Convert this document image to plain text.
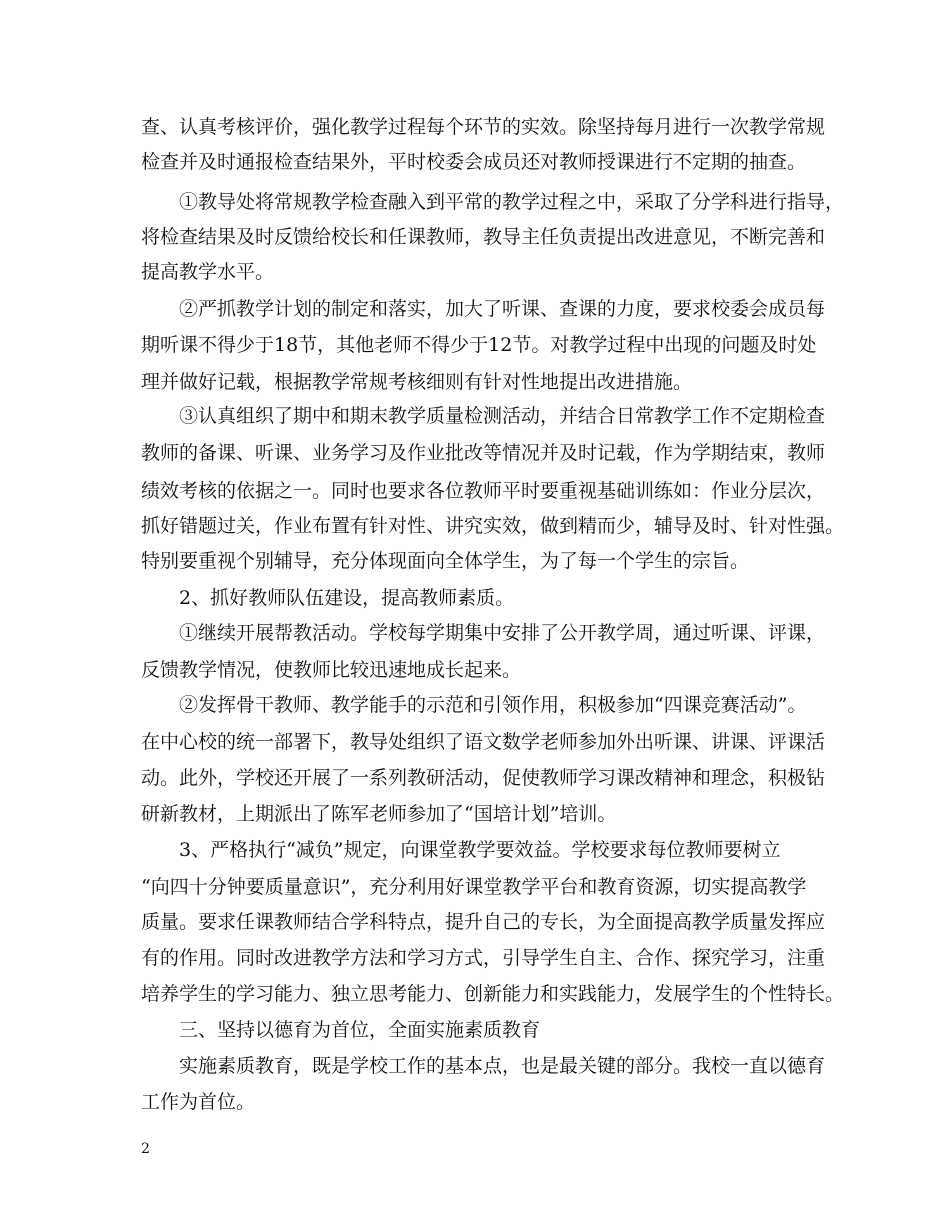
查、认真考核评价，强化教学过程每个环节的实效。除坚持每月进行一次教学常规
检查并及时通报检查结果外，平时校委会成员还对教师授课进行不定期的抽查。
①教导处将常规教学检查融入到平常的教学过程之中，采取了分学科进行指导，
将检查结果及时反馈给校长和任课教师，教导主任负责提出改进意见，不断完善和
提高教学水平。
②严抓教学计划的制定和落实，加大了听课、查课的力度，要求校委会成员每
期听课不得少于18节，其他老师不得少于12节。对教学过程中出现的问题及时处
理并做好记载，根据教学常规考核细则有针对性地提出改进措施。
③认真组织了期中和期末教学质量检测活动，并结合日常教学工作不定期检查
教师的备课、听课、业务学习及作业批改等情况并及时记载，作为学期结束，教师
绩效考核的依据之一。同时也要求各位教师平时要重视基础训练如：作业分层次，
抓好错题过关，作业布置有针对性、讲究实效，做到精而少，辅导及时、针对性强。
特别要重视个别辅导，充分体现面向全体学生，为了每一个学生的宗旨。
2、抓好教师队伍建设，提高教师素质。
①继续开展帮教活动。学校每学期集中安排了公开教学周，通过听课、评课，
反馈教学情况，使教师比较迅速地成长起来。
②发挥骨干教师、教学能手的示范和引领作用，积极参加“四课竞赛活动”。
在中心校的统一部署下，教导处组织了语文数学老师参加外出听课、讲课、评课活
动。此外，学校还开展了一系列教研活动，促使教师学习课改精神和理念，积极钻
研新教材，上期派出了陈军老师参加了“国培计划”培训。
3、严格执行“减负”规定，向课堂教学要效益。学校要求每位教师要树立
“向四十分钟要质量意识”，充分利用好课堂教学平台和教育资源，切实提高教学
质量。要求任课教师结合学科特点，提升自己的专长，为全面提高教学质量发挥应
有的作用。同时改进教学方法和学习方式，引导学生自主、合作、探究学习，注重
培养学生的学习能力、独立思考能力、创新能力和实践能力，发展学生的个性特长。
三、坚持以德育为首位，全面实施素质教育
实施素质教育，既是学校工作的基本点，也是最关键的部分。我校一直以德育
工作为首位。
2
